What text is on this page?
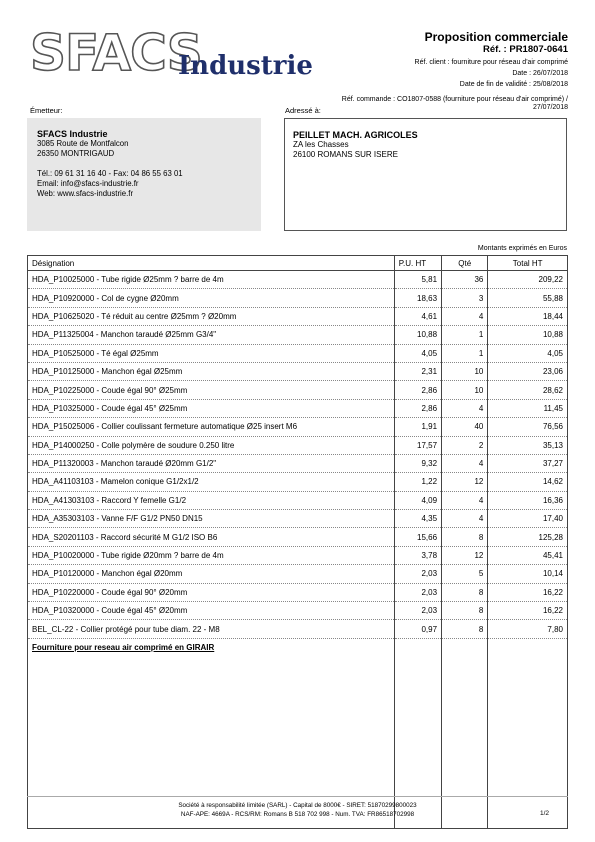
SFACS
Industrie
Proposition commerciale
Réf. : PR1807-0641
Réf. client : fourniture pour réseau d'air comprimé
Date : 26/07/2018
Date de fin de validité : 25/08/2018
Réf. commande : CO1807-0588 (fourniture pour réseau d'air comprimé) /
27/07/2018
Émetteur:	Adressé à:
SFACS Industrie
3085 Route de Montfalcon
26350 MONTRIGAUD
Tél.: 09 61 31 16 40 - Fax: 04 86 55 63 01
Email: info@sfacs-industrie.fr
Web: www.sfacs-industrie.fr
PEILLET MACH. AGRICOLES
ZA les Chasses
26100 ROMANS SUR ISERE
Montants exprimés en Euros
Désignation	P.U. HT	Qté	Total HT
HDA_P10025000 - Tube rigide Ø25mm ? barre de 4m	5,81	36	209,22
HDA_P10920000 - Col de cygne Ø20mm	18,63	3	55,88
HDA_P10625020 - Té réduit au centre Ø25mm ? Ø20mm	4,61	4	18,44
HDA_P11325004 - Manchon taraudé Ø25mm G3/4"	10,88	1	10,88
HDA_P10525000 - Té égal Ø25mm	4,05	1	4,05
HDA_P10125000 - Manchon égal Ø25mm	2,31	10	23,06
HDA_P10225000 - Coude égal 90° Ø25mm	2,86	10	28,62
HDA_P10325000 - Coude égal 45° Ø25mm	2,86	4	11,45
HDA_P15025006 - Collier coulissant fermeture automatique Ø25 insert M6	1,91	40	76,56
HDA_P14000250 - Colle polymère de soudure 0.250 litre	17,57	2	35,13
HDA_P11320003 - Manchon taraudé Ø20mm G1/2"	9,32	4	37,27
HDA_A41103103 - Mamelon conique G1/2x1/2	1,22	12	14,62
HDA_A41303103 - Raccord Y femelle G1/2	4,09	4	16,36
HDA_A35303103 - Vanne F/F G1/2 PN50 DN15	4,35	4	17,40
HDA_S20201103 - Raccord sécurité M G1/2 ISO B6	15,66	8	125,28
HDA_P10020000 - Tube rigide Ø20mm ? barre de 4m	3,78	12	45,41
HDA_P10120000 - Manchon égal Ø20mm	2,03	5	10,14
HDA_P10220000 - Coude égal 90° Ø20mm	2,03	8	16,22
HDA_P10320000 - Coude égal 45° Ø20mm	2,03	8	16,22
BEL_CL-22 - Collier protégé pour tube diam. 22 - M8	0,97	8	7,80
Fourniture pour reseau air comprimé en GIRAIR			

Société à responsabilité limitée (SARL) - Capital de 8000€ - SIRET: 51870299800023
NAF-APE: 4669A - RCS/RM: Romans B 518 702 998 - Num. TVA: FR86518702998	1/2
